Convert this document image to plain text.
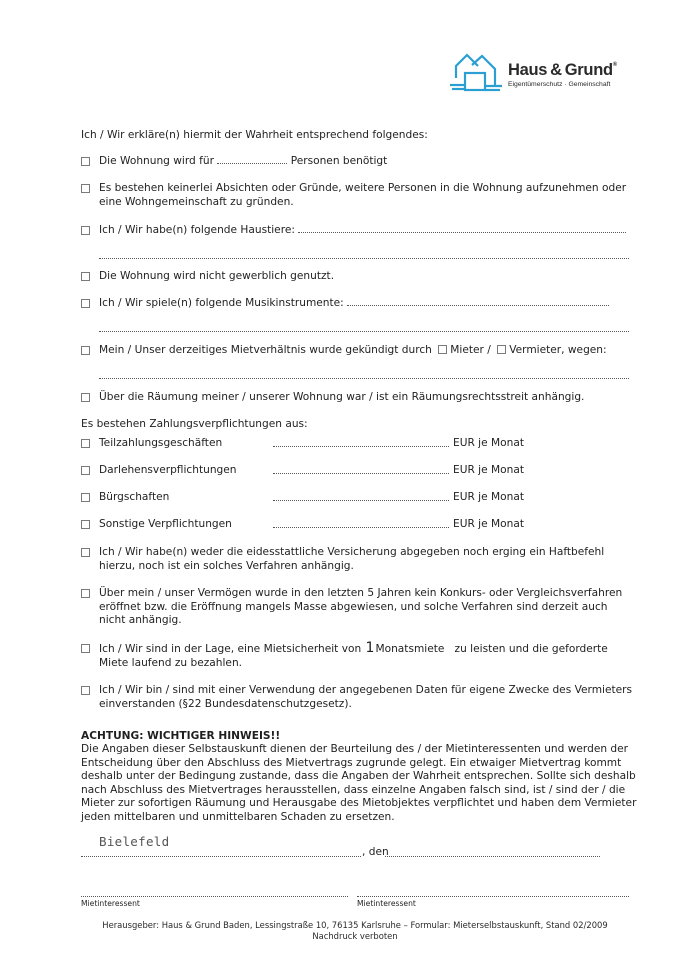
Haus & Grund®
Eigentümerschutz · Gemeinschaft
Ich / Wir erkläre(n) hiermit der Wahrheit entsprechend folgendes:
Die Wohnung wird für	Personen benötigt
Es bestehen keinerlei Absichten oder Gründe, weitere Personen in die Wohnung aufzunehmen oder
eine Wohngemeinschaft zu gründen.
Ich / Wir habe(n) folgende Haustiere:
Die Wohnung wird nicht gewerblich genutzt.
Ich / Wir spiele(n) folgende Musikinstrumente:
Mein / Unser derzeitiges Mietverhältnis wurde gekündigt durch Mieter / Vermieter, wegen:
Über die Räumung meiner / unserer Wohnung war / ist ein Räumungsrechtsstreit anhängig.
Es bestehen Zahlungsverpflichtungen aus:
Teilzahlungsgeschäften	EUR je Monat
Darlehensverpflichtungen	EUR je Monat
Bürgschaften	EUR je Monat
Sonstige Verpflichtungen	EUR je Monat
Ich / Wir habe(n) weder die eidesstattliche Versicherung abgegeben noch erging ein Haftbefehl
hierzu, noch ist ein solches Verfahren anhängig.
Über mein / unser Vermögen wurde in den letzten 5 Jahren kein Konkurs- oder Vergleichsverfahren
eröffnet bzw. die Eröffnung mangels Masse abgewiesen, und solche Verfahren sind derzeit auch
nicht anhängig.
Ich / Wir sind in der Lage, eine Mietsicherheit von 1Monatsmiete zu leisten und die geforderte
Miete laufend zu bezahlen.
Ich / Wir bin / sind mit einer Verwendung der angegebenen Daten für eigene Zwecke des Vermieters
einverstanden (§22 Bundesdatenschutzgesetz).
ACHTUNG: WICHTIGER HINWEIS!!
Die Angaben dieser Selbstauskunft dienen der Beurteilung des / der Mietinteressenten und werden der
Entscheidung über den Abschluss des Mietvertrags zugrunde gelegt. Ein etwaiger Mietvertrag kommt
deshalb unter der Bedingung zustande, dass die Angaben der Wahrheit entsprechen. Sollte sich deshalb
nach Abschluss des Mietvertrages herausstellen, dass einzelne Angaben falsch sind, ist / sind der / die
Mieter zur sofortigen Räumung und Herausgabe des Mietobjektes verpflichtet und haben dem Vermieter
jeden mittelbaren und unmittelbaren Schaden zu ersetzen.
Bielefeld
, den
Mietinteressent	Mietinteressent
Herausgeber: Haus & Grund Baden, Lessingstraße 10, 76135 Karlsruhe – Formular: Mieterselbstauskunft, Stand 02/2009
Nachdruck verboten
